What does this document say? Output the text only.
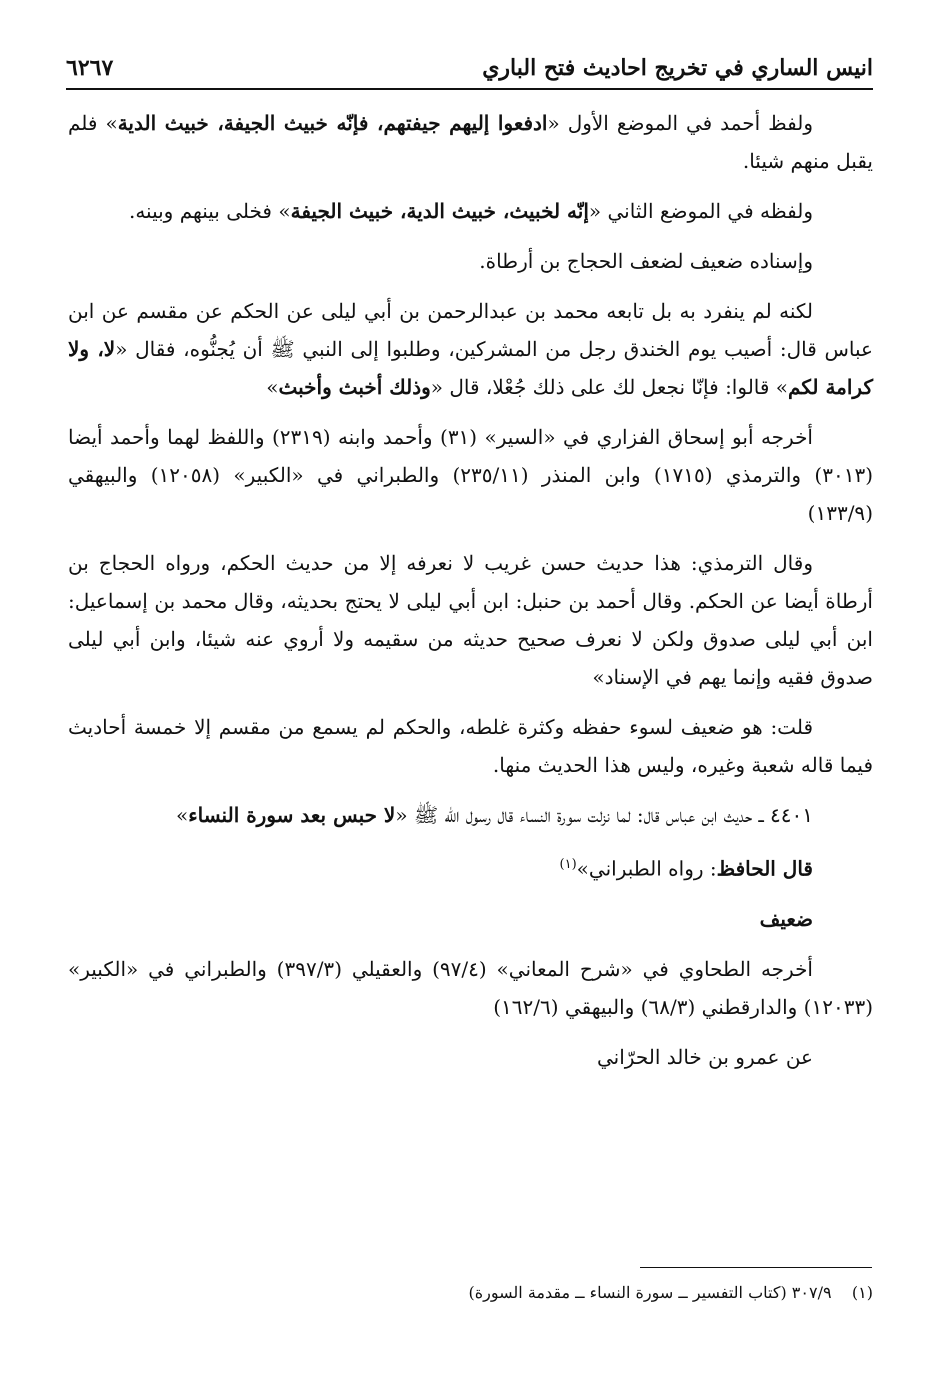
انيس الساري في تخريج احاديث فتح الباري
٦٢٦٧

ولفظ أحمد في الموضع الأول «ادفعوا إليهم جيفتهم، فإنّه خبيث الجيفة، خبيث الدية» فلم يقبل منهم شيئا.

ولفظه في الموضع الثاني «إنّه لخبيث، خبيث الدية، خبيث الجيفة» فخلى بينهم وبينه.

وإسناده ضعيف لضعف الحجاج بن أرطاة.

لكنه لم ينفرد به بل تابعه محمد بن عبدالرحمن بن أبي ليلى عن الحكم عن مقسم عن ابن عباس قال: أصيب يوم الخندق رجل من المشركين، وطلبوا إلى النبي ﷺ أن يُجنُّوه، فقال «لا، ولا كرامة لكم» قالوا: فإنّا نجعل لك على ذلك جُعْلا، قال «وذلك أخبث وأخبث»

أخرجه أبو إسحاق الفزاري في «السير» (٣١) وأحمد وابنه (٢٣١٩) واللفظ لهما وأحمد أيضا (٣٠١٣) والترمذي (١٧١٥) وابن المنذر (٢٣٥/١١) والطبراني في «الكبير» (١٢٠٥٨) والبيهقي (١٣٣/٩)

وقال الترمذي: هذا حديث حسن غريب لا نعرفه إلا من حديث الحكم، ورواه الحجاج بن أرطاة أيضا عن الحكم. وقال أحمد بن حنبل: ابن أبي ليلى لا يحتج بحديثه، وقال محمد بن إسماعيل: ابن أبي ليلى صدوق ولكن لا نعرف صحيح حديثه من سقيمه ولا أروي عنه شيئا، وابن أبي ليلى صدوق فقيه وإنما يهم في الإسناد»

قلت: هو ضعيف لسوء حفظه وكثرة غلطه، والحكم لم يسمع من مقسم إلا خمسة أحاديث فيما قاله شعبة وغيره، وليس هذا الحديث منها.

٤٤٠١ ــ حديث ابن عباس قال: لما نزلت سورة النساء قال رسول الله ﷺ «لا حبس بعد سورة النساء»

قال الحافظ: رواه الطبراني»$^{(١)}$

ضعيف

أخرجه الطحاوي في «شرح المعاني» (٩٧/٤) والعقيلي (٣٩٧/٣) والطبراني في «الكبير» (١٢٠٣٣) والدارقطني (٦٨/٣) والبيهقي (١٦٢/٦)

عن عمرو بن خالد الحرّاني

(١)    ٣٠٧/٩ (كتاب التفسير ــ سورة النساء ــ مقدمة السورة)
